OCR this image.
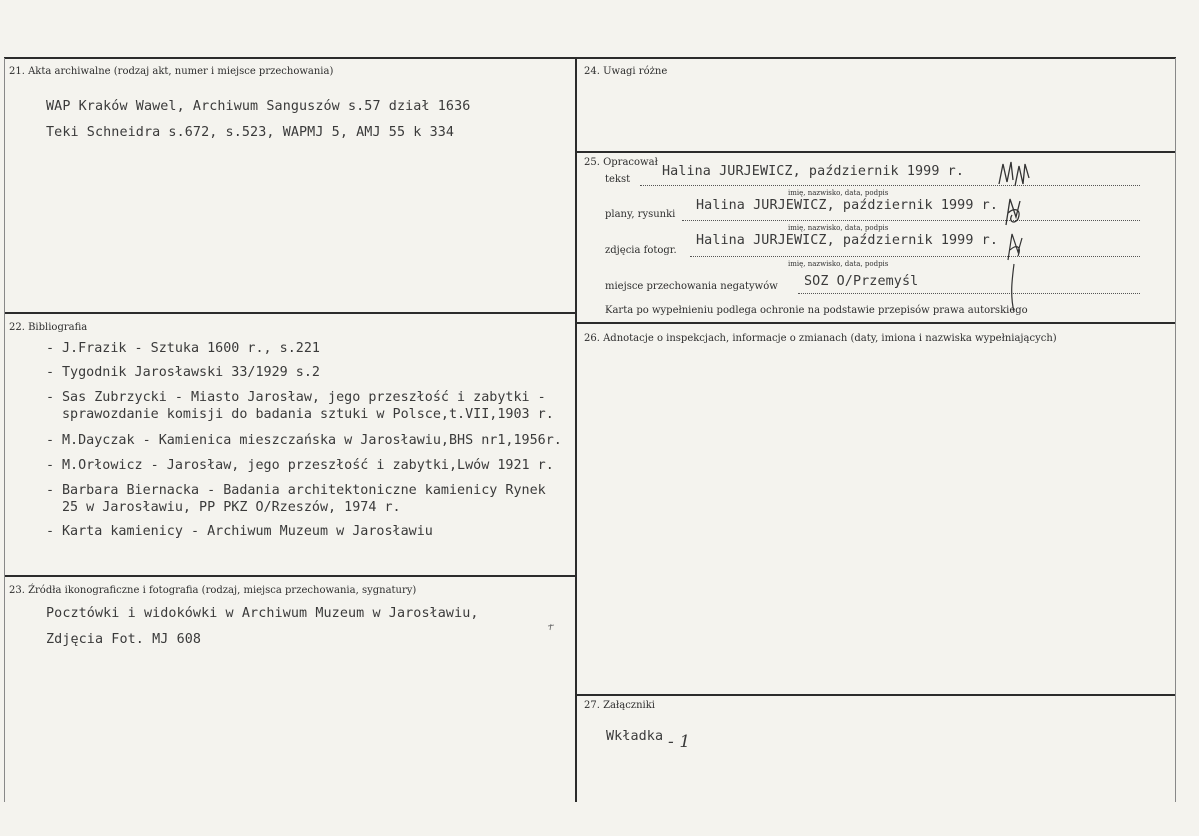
21. Akta archiwalne (rodzaj akt, numer i miejsce przechowania)
WAP Kraków Wawel, Archiwum Sanguszów s.57 dział 1636
Teki Schneidra s.672, s.523, WAPMJ 5, AMJ 55 k 334
22. Bibliografia
- J.Frazik - Sztuka 1600 r., s.221
- Tygodnik Jarosławski 33/1929 s.2
- Sas Zubrzycki - Miasto Jarosław, jego przeszłość i zabytki -
sprawozdanie komisji do badania sztuki w Polsce,t.VII,1903 r.
- M.Dayczak - Kamienica mieszczańska w Jarosławiu,BHS nr1,1956r.
- M.Orłowicz - Jarosław, jego przeszłość i zabytki,Lwów 1921 r.
- Barbara Biernacka - Badania architektoniczne kamienicy Rynek
25 w Jarosławiu, PP PKZ O/Rzeszów, 1974 r.
- Karta kamienicy - Archiwum Muzeum w Jarosławiu
23. Źródła ikonograficzne i fotografia (rodzaj, miejsca przechowania, sygnatury)
Pocztówki i widokówki w Archiwum Muzeum w Jarosławiu,
Zdjęcia Fot. MJ 608
24. Uwagi różne
25. Opracował
tekst
Halina JURJEWICZ, październik 1999 r.
imię, nazwisko, data, podpis
plany, rysunki
Halina JURJEWICZ, październik 1999 r.
imię, nazwisko, data, podpis
zdjęcia fotogr.
Halina JURJEWICZ, październik 1999 r.
imię, nazwisko, data, podpis
miejsce przechowania negatywów SOZ O/Przemyśl
Karta po wypełnieniu podlega ochronie na podstawie przepisów prawa autorskiego
26. Adnotacje o inspekcjach, informacje o zmianach (daty, imiona i nazwiska wypełniających)
27. Załączniki
Wkładka - 1
